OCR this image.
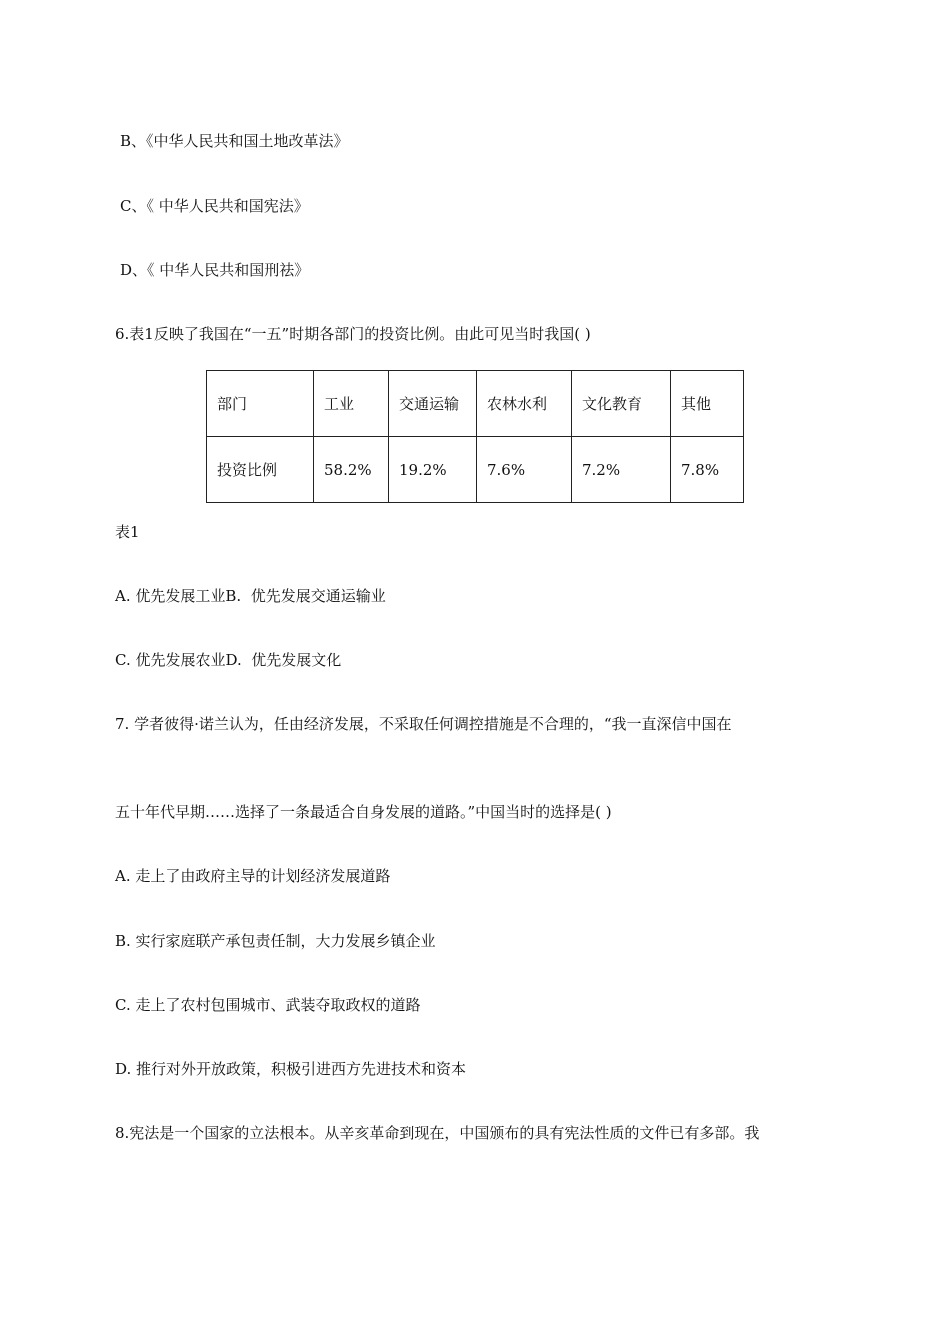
B、《中华人民共和国土地改革法》
C、《 中华人民共和国宪法》
D、《 中华人民共和国刑祛》
6.表1反映了我国在“一五”时期各部门的投资比例。由此可见当时我国( )
部门	工业	交通运输	农林水利	文化教育	其他
投资比例	58.2%	19.2%	7.6%	7.2%	7.8%
表1
A. 优先发展工业B.  优先发展交通运输业
C. 优先发展农业D.  优先发展文化
7. 学者彼得·诺兰认为，任由经济发展，不采取任何调控措施是不合理的，“我一直深信中国在
五十年代早期……选择了一条最适合自身发展的道路。”中国当时的选择是( )
A. 走上了由政府主导的计划经济发展道路
B. 实行家庭联产承包责任制，大力发展乡镇企业
C. 走上了农村包围城市、武装夺取政权的道路
D. 推行对外开放政策，积极引进西方先进技术和资本
8.宪法是一个国家的立法根本。从辛亥革命到现在，中国颁布的具有宪法性质的文件已有多部。我
